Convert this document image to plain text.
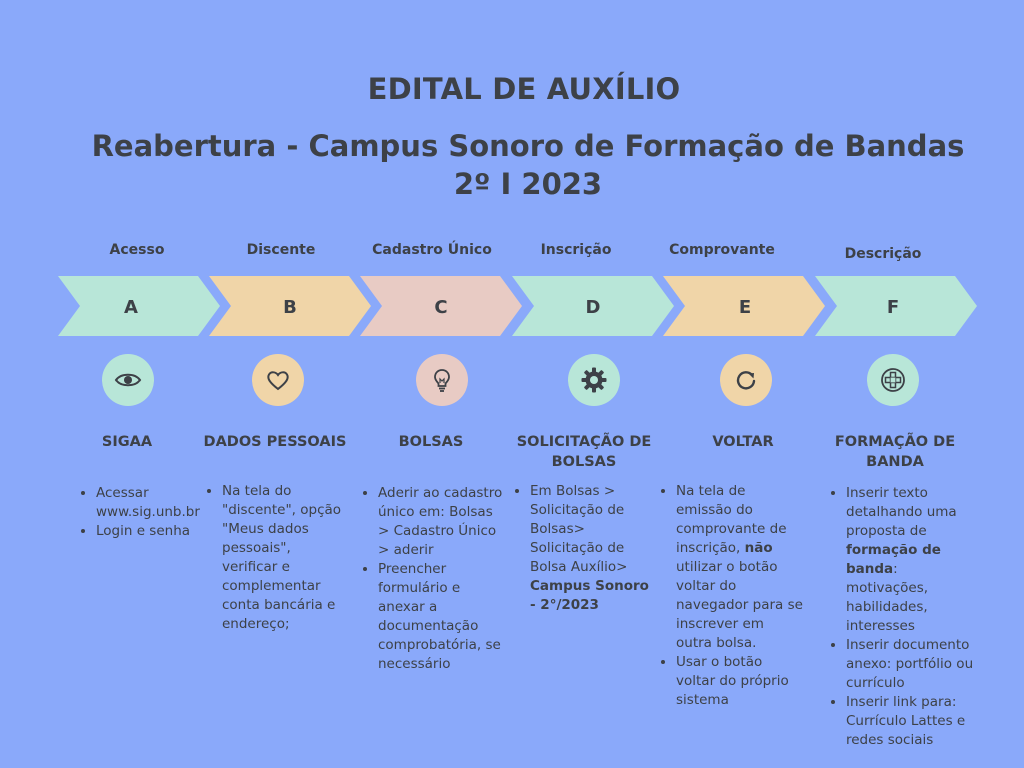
EDITAL DE AUXÍLIO
Reabertura - Campus Sonoro de Formação de Bandas
2º I 2023
A	B	C	D	E	F
Acesso
SIGAA
• Acessar www.sig.unb.br
• Login e senha
Discente
DADOS PESSOAIS
• Na tela do "discente", opção "Meus dados pessoais", verificar e complementar conta bancária e endereço;
Cadastro Único
BOLSAS
• Aderir ao cadastro único em: Bolsas > Cadastro Único > aderir
• Preencher formulário e anexar a documentação comprobatória, se necessário
Inscrição
SOLICITAÇÃO DE BOLSAS
• Em Bolsas > Solicitação de Bolsas> Solicitação de Bolsa Auxílio> Campus Sonoro - 2°/2023
Comprovante
VOLTAR
• Na tela de emissão do comprovante de inscrição, não utilizar o botão voltar do navegador para se inscrever em outra bolsa.
• Usar o botão voltar do próprio sistema
Descrição
FORMAÇÃO DE BANDA
• Inserir texto detalhando uma proposta de formação de banda: motivações, habilidades, interesses
• Inserir documento anexo: portfólio ou currículo
• Inserir link para: Currículo Lattes e redes sociais
